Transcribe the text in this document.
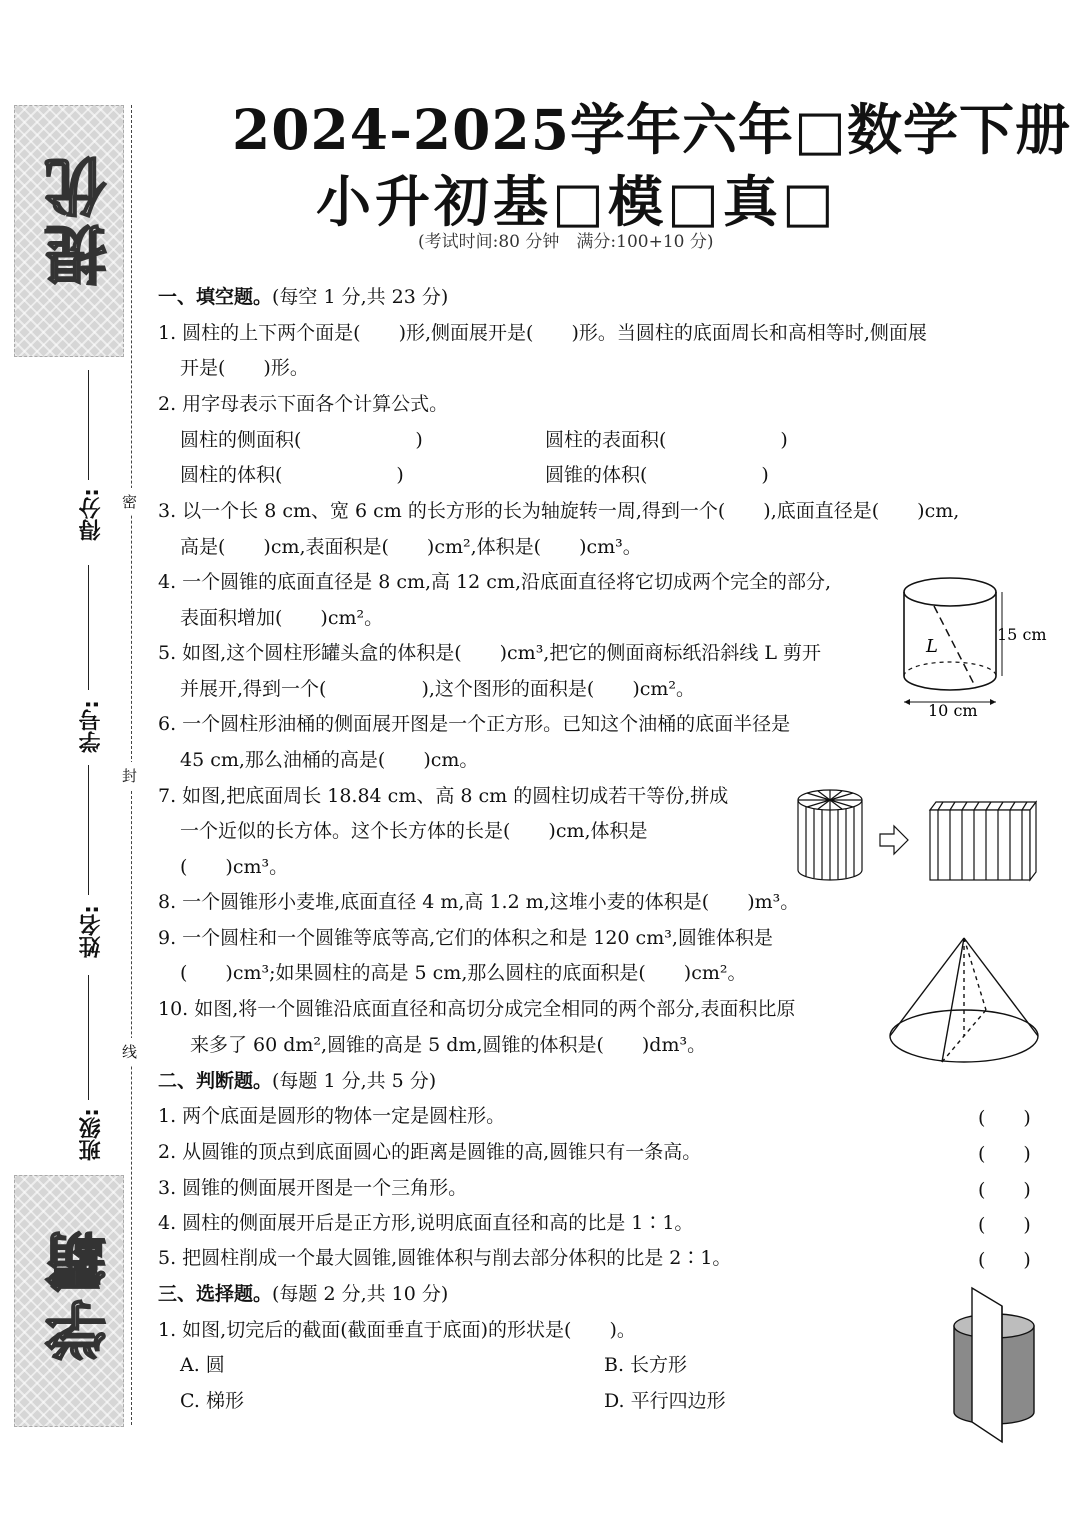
提优
学霸
得分:
学号:
姓名:
班级:
密
封
线
2024-2025学年六年□数学下册
小升初基□模□真□
(考试时间:80 分钟　满分:100+10 分)
一、填空题。(每空 1 分,共 23 分)
1. 圆柱的上下两个面是(　　)形,侧面展开是(　　)形。当圆柱的底面周长和高相等时,侧面展
开是(　　)形。
2. 用字母表示下面各个计算公式。
圆柱的侧面积(　　　　　　)	圆柱的表面积(　　　　　　)
圆柱的体积(　　　　　　)	圆锥的体积(　　　　　　)
3. 以一个长 8 cm、宽 6 cm 的长方形的长为轴旋转一周,得到一个(　　),底面直径是(　　)cm,
高是(　　)cm,表面积是(　　)cm²,体积是(　　)cm³。
4. 一个圆锥的底面直径是 8 cm,高 12 cm,沿底面直径将它切成两个完全的部分,
表面积增加(　　)cm²。
5. 如图,这个圆柱形罐头盒的体积是(　　)cm³,把它的侧面商标纸沿斜线 L 剪开
并展开,得到一个(　　　　　),这个图形的面积是(　　)cm²。
6. 一个圆柱形油桶的侧面展开图是一个正方形。已知这个油桶的底面半径是
45 cm,那么油桶的高是(　　)cm。
7. 如图,把底面周长 18.84 cm、高 8 cm 的圆柱切成若干等份,拼成
一个近似的长方体。这个长方体的长是(　　)cm,体积是
(　　)cm³。
8. 一个圆锥形小麦堆,底面直径 4 m,高 1.2 m,这堆小麦的体积是(　　)m³。
9. 一个圆柱和一个圆锥等底等高,它们的体积之和是 120 cm³,圆锥体积是
(　　)cm³;如果圆柱的高是 5 cm,那么圆柱的底面积是(　　)cm²。
10. 如图,将一个圆锥沿底面直径和高切分成完全相同的两个部分,表面积比原
来多了 60 dm²,圆锥的高是 5 dm,圆锥的体积是(　　)dm³。
L
15 cm
10 cm
二、判断题。(每题 1 分,共 5 分)
1. 两个底面是圆形的物体一定是圆柱形。	(　　)
2. 从圆锥的顶点到底面圆心的距离是圆锥的高,圆锥只有一条高。	(　　)
3. 圆锥的侧面展开图是一个三角形。	(　　)
4. 圆柱的侧面展开后是正方形,说明底面直径和高的比是 1∶1。	(　　)
5. 把圆柱削成一个最大圆锥,圆锥体积与削去部分体积的比是 2∶1。	(　　)
三、选择题。(每题 2 分,共 10 分)
1. 如图,切完后的截面(截面垂直于底面)的形状是(　　)。
A. 圆	B. 长方形
C. 梯形	D. 平行四边形
